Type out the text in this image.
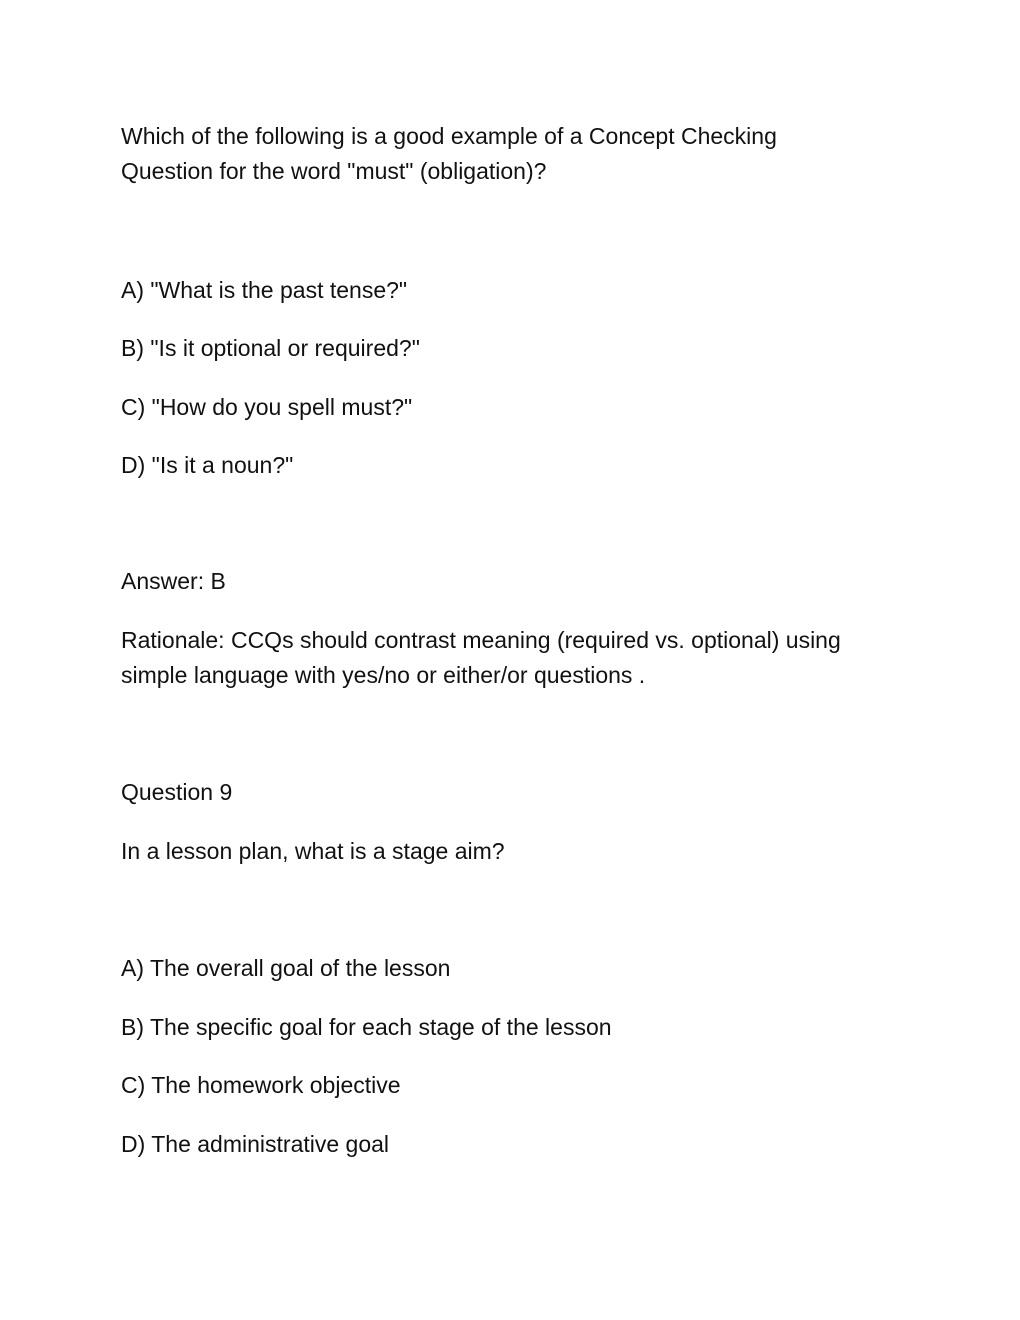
Which of the following is a good example of a Concept Checking
Question for the word "must" (obligation)?
A) "What is the past tense?"
B) "Is it optional or required?"
C) "How do you spell must?"
D) "Is it a noun?"
Answer: B
Rationale: CCQs should contrast meaning (required vs. optional) using
simple language with yes/no or either/or questions .
Question 9
In a lesson plan, what is a stage aim?
A) The overall goal of the lesson
B) The specific goal for each stage of the lesson
C) The homework objective
D) The administrative goal
